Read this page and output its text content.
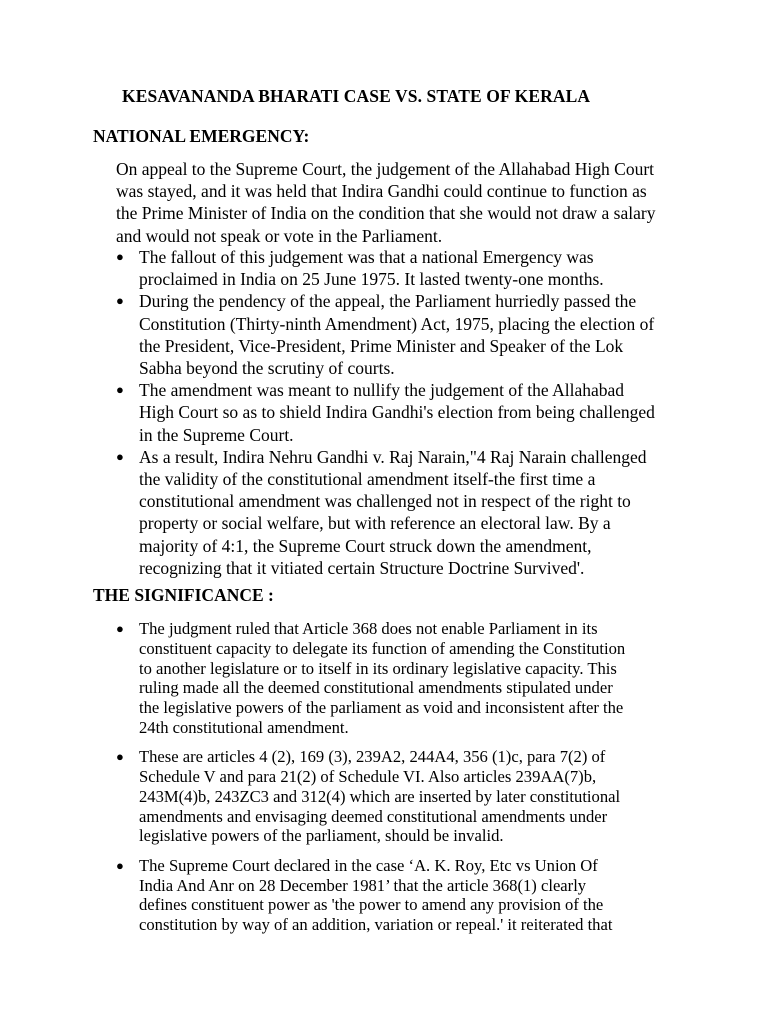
KESAVANANDA BHARATI CASE VS. STATE OF KERALA
NATIONAL EMERGENCY:
On appeal to the Supreme Court, the judgement of the Allahabad High Court
was stayed, and it was held that Indira Gandhi could continue to function as
the Prime Minister of India on the condition that she would not draw a salary
and would not speak or vote in the Parliament.
● The fallout of this judgement was that a national Emergency was
proclaimed in India on 25 June 1975. It lasted twenty-one months.
● During the pendency of the appeal, the Parliament hurriedly passed the
Constitution (Thirty-ninth Amendment) Act, 1975, placing the election of
the President, Vice-President, Prime Minister and Speaker of the Lok
Sabha beyond the scrutiny of courts.
● The amendment was meant to nullify the judgement of the Allahabad
High Court so as to shield Indira Gandhi's election from being challenged
in the Supreme Court.
● As a result, Indira Nehru Gandhi v. Raj Narain,"4 Raj Narain challenged
the validity of the constitutional amendment itself-the first time a
constitutional amendment was challenged not in respect of the right to
property or social welfare, but with reference an electoral law. By a
majority of 4:1, the Supreme Court struck down the amendment,
recognizing that it vitiated certain Structure Doctrine Survived'.
THE SIGNIFICANCE :
● The judgment ruled that Article 368 does not enable Parliament in its
constituent capacity to delegate its function of amending the Constitution
to another legislature or to itself in its ordinary legislative capacity. This
ruling made all the deemed constitutional amendments stipulated under
the legislative powers of the parliament as void and inconsistent after the
24th constitutional amendment.
● These are articles 4 (2), 169 (3), 239A2, 244A4, 356 (1)c, para 7(2) of
Schedule V and para 21(2) of Schedule VI. Also articles 239AA(7)b,
243M(4)b, 243ZC3 and 312(4) which are inserted by later constitutional
amendments and envisaging deemed constitutional amendments under
legislative powers of the parliament, should be invalid.
● The Supreme Court declared in the case ‘A. K. Roy, Etc vs Union Of
India And Anr on 28 December 1981’ that the article 368(1) clearly
defines constituent power as 'the power to amend any provision of the
constitution by way of an addition, variation or repeal.' it reiterated that
